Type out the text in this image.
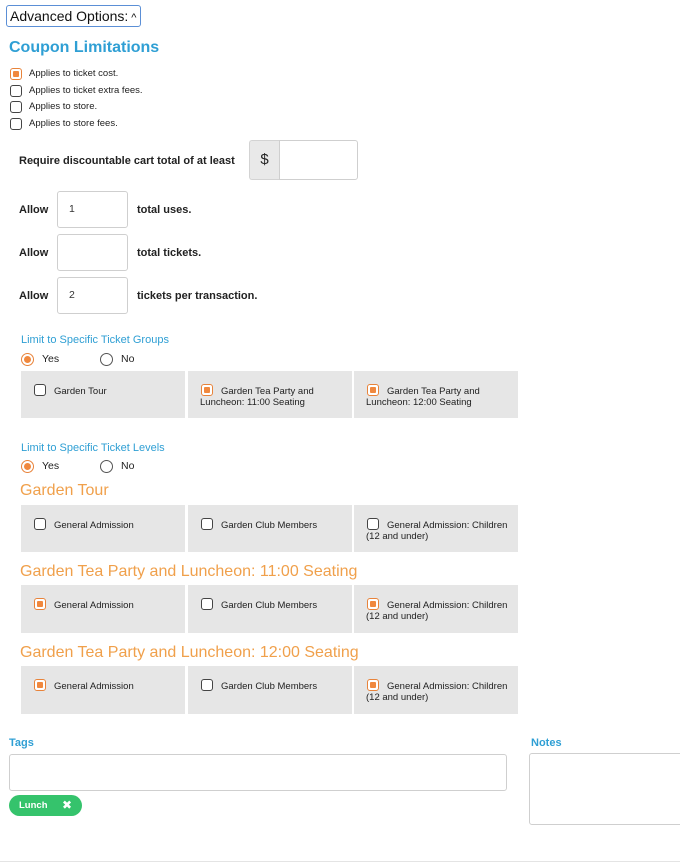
Advanced Options: ^
Coupon Limitations
Applies to ticket cost.
Applies to ticket extra fees.
Applies to store.
Applies to store fees.
Require discountable cart total of at least	$
Allow	1	total uses.
Allow	total tickets.
Allow	2	tickets per transaction.
Limit to Specific Ticket Groups
Yes	No
Garden Tour	Garden Tea Party and Luncheon: 11:00 Seating
Garden Tea Party and Luncheon: 12:00 Seating
Limit to Specific Ticket Levels
Yes	No
Garden Tour
General Admission	Garden Club Members	General Admission: Children (12 and under)
Garden Tea Party and Luncheon: 11:00 Seating
General Admission	Garden Club Members	General Admission: Children (12 and under)
Garden Tea Party and Luncheon: 12:00 Seating
General Admission	Garden Club Members	General Admission: Children (12 and under)
Tags
Lunch ✖
Notes
